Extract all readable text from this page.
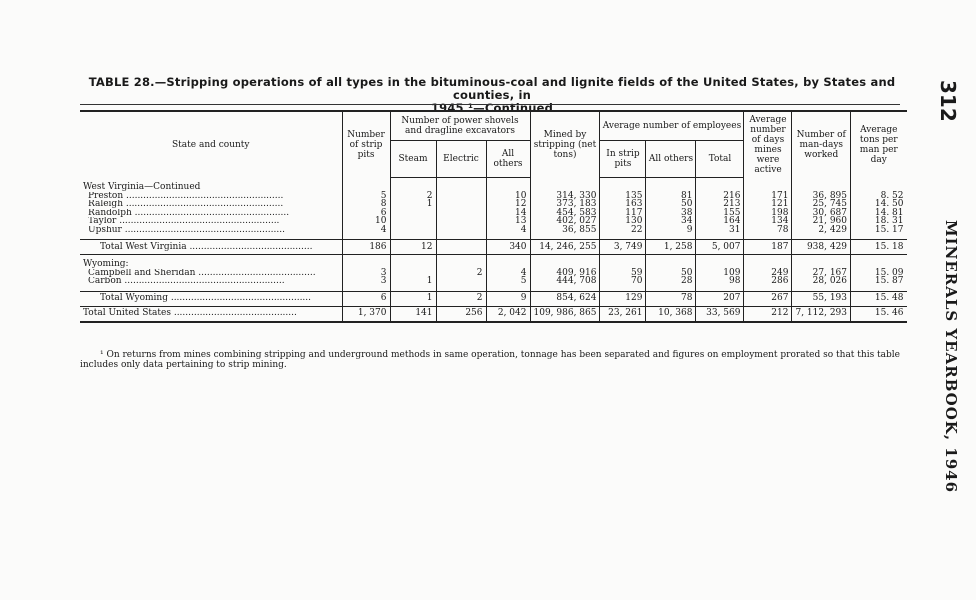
TABLE 28.—Stripping operations of all types in the bituminous-coal and lignite fields of the United States, by States and counties, in
1945 ¹—Continued	312
MINERALS YEARBOOK, 1946
State and county	Number of strip pits	Number of power shovels and dragline excavators			Mined by stripping (net tons)	Average number of employees			Average number of days mines were active	Number of man-days worked	Average tons per man per day
		Steam	Electric	All others		In strip pits	All others	Total			

West Virginia—Continued											
Preston .......................................................	5	2		10	314, 330	135	81	216	171	36, 895	8. 52
Raleigh .......................................................	8	1		12	373, 183	163	50	213	121	25, 745	14. 50
Randolph ......................................................	6			14	454, 583	117	38	155	198	30, 687	14. 81
Taylor ........................................................	10			13	402, 027	130	34	164	134	21, 960	18. 31
Upshur ........................................................	4			4	36, 855	22	9	31	78	2, 429	15. 17

Total West Virginia ...........................................	186	12		340	14, 246, 255	3, 749	1, 258	5, 007	187	938, 429	15. 18

Wyoming:											
Campbell and Sheridan .........................................	3		2	4	409, 916	59	50	109	249	27, 167	15. 09
Carbon ........................................................	3	1		5	444, 708	70	28	98	286	28, 026	15. 87

Total Wyoming .................................................	6	1	2	9	854, 624	129	78	207	267	55, 193	15. 48
Total United States ...........................................	1, 370	141	256	2, 042	109, 986, 865	23, 261	10, 368	33, 569	212	7, 112, 293	15. 46
¹ On returns from mines combining stripping and underground methods in same operation, tonnage has been separated and figures on employment prorated so that this table includes only data pertaining to strip mining.
